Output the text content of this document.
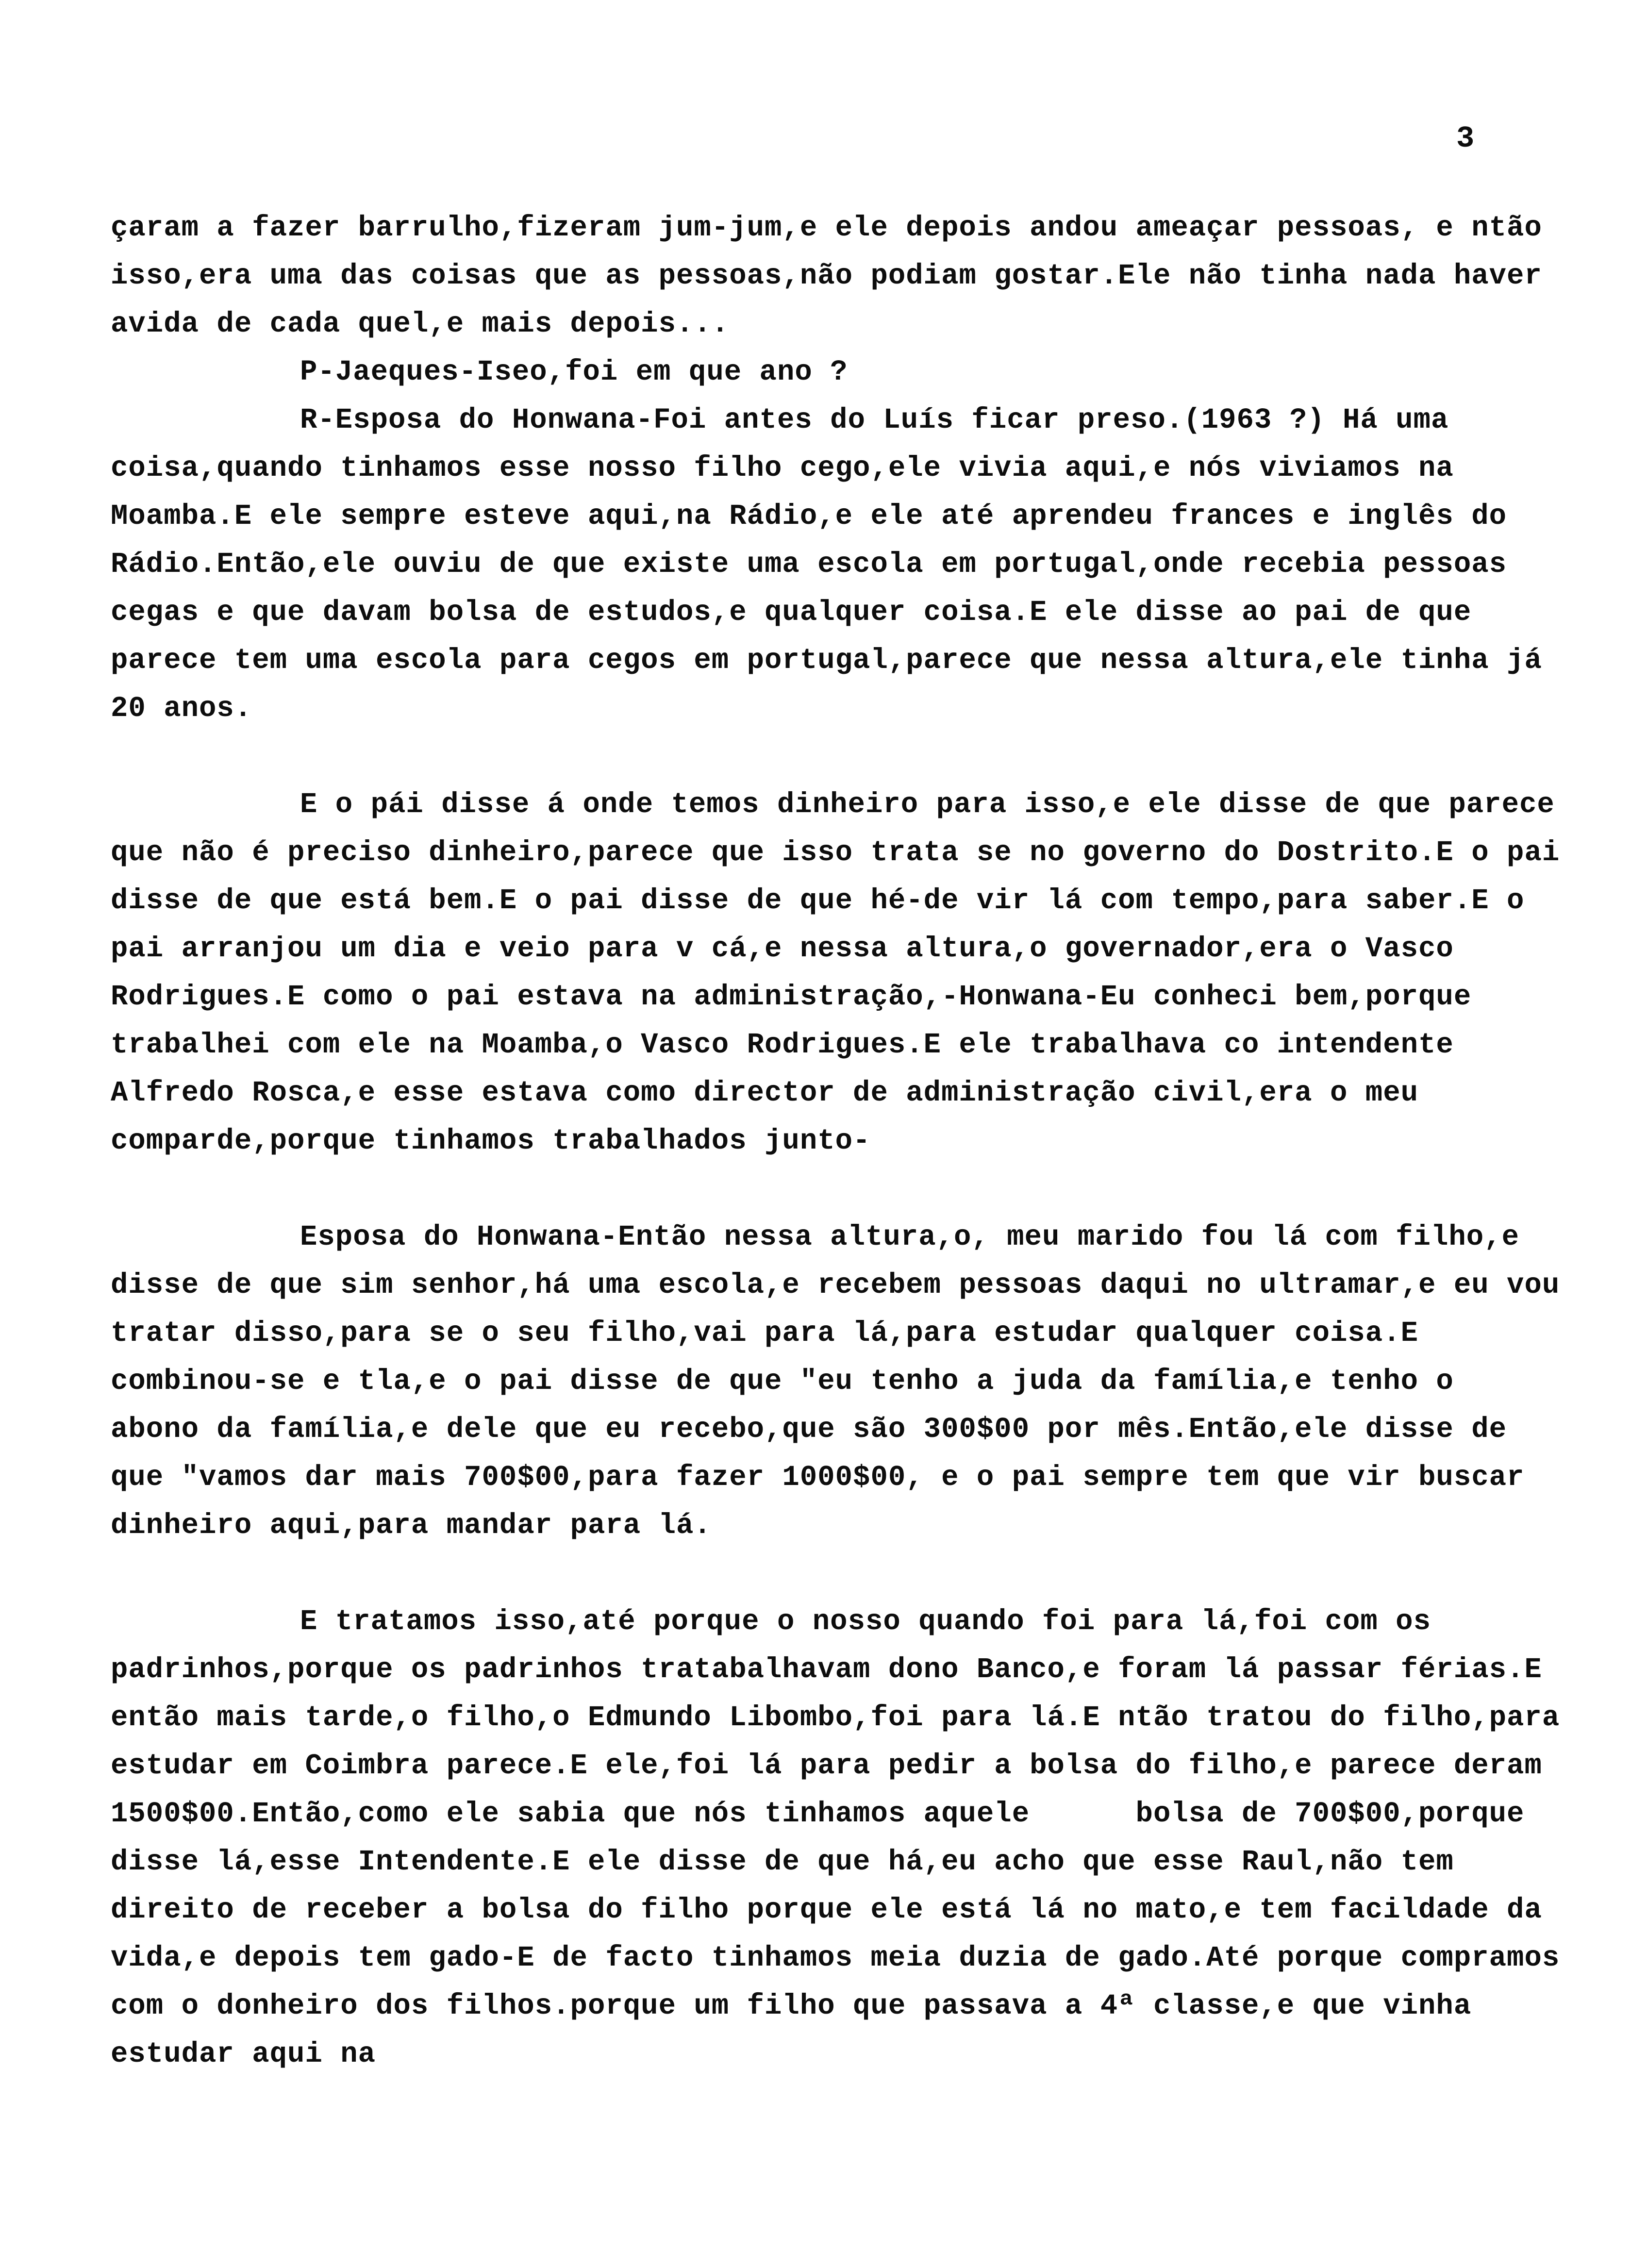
3

çaram a fazer barrulho,fizeram jum-jum,e ele depois andou ameaçar pessoas, e ntão isso,era uma das coisas que as pessoas,não podiam gostar.Ele não tinha nada haver avida de cada quel,e mais depois...

P-Jaeques-Iseo,foi em que ano ?

R-Esposa do Honwana-Foi antes do Luís ficar preso.(1963 ?) Há uma coisa,quando tinhamos esse nosso filho cego,ele vivia aqui,e nós viviamos na Moamba.E ele sempre esteve aqui,na Rádio,e ele até aprendeu frances e inglês do Rádio.Então,ele ouviu de que existe uma escola em portugal,onde recebia pessoas cegas e que davam bolsa de estudos,e qualquer coisa.E ele disse ao pai de que parece tem uma escola para cegos em portugal,parece que nessa altura,ele tinha já 20 anos.

E o pái disse á onde temos dinheiro para isso,e ele disse de que parece que não é preciso dinheiro,parece que isso trata se no governo do Dostrito.E o pai disse de que está bem.E o pai disse de que hé-de vir lá com tempo,para saber.E o pai arranjou um dia e veio para v cá,e nessa altura,o governador,era o Vasco Rodrigues.E como o pai estava na administração,-Honwana-Eu conheci bem,porque trabalhei com ele na Moamba,o Vasco Rodrigues.E ele trabalhava co intendente Alfredo Rosca,e esse estava como director de administração civil,era o meu comparde,porque tinhamos trabalhados junto-

Esposa do Honwana-Então nessa altura,o, meu marido fou lá com filho,e disse de que sim senhor,há uma escola,e recebem pessoas daqui no ultramar,e eu vou tratar disso,para se o seu filho,vai para lá,para estudar qualquer coisa.E combinou-se e tla,e o pai disse de que "eu tenho a juda da família,e tenho o  abono da família,e dele que eu recebo,que são 300$00 por mês.Então,ele disse de que "vamos dar mais 700$00,para fazer 1000$00, e o pai sempre tem que vir buscar dinheiro aqui,para mandar para lá.

E tratamos isso,até porque o nosso quando foi para lá,foi com os padrinhos,porque os padrinhos tratabalhavam dono Banco,e foram lá passar férias.E então mais tarde,o filho,o Edmundo Libombo,foi para lá.E ntão tratou do filho,para estudar em Coimbra parece.E ele,foi lá para pedir a bolsa do filho,e parece deram 1500$00.Então,como ele sabia que nós tinhamos aquele      bolsa de 700$00,porque disse lá,esse Intendente.E ele disse de que há,eu acho que esse Raul,não tem direito de receber a bolsa do filho porque ele está lá no mato,e tem facildade da vida,e depois tem gado-E de facto tinhamos meia duzia de gado.Até porque compramos com o donheiro dos filhos.porque um filho que passava a 4ª classe,e que vinha estudar aqui na
